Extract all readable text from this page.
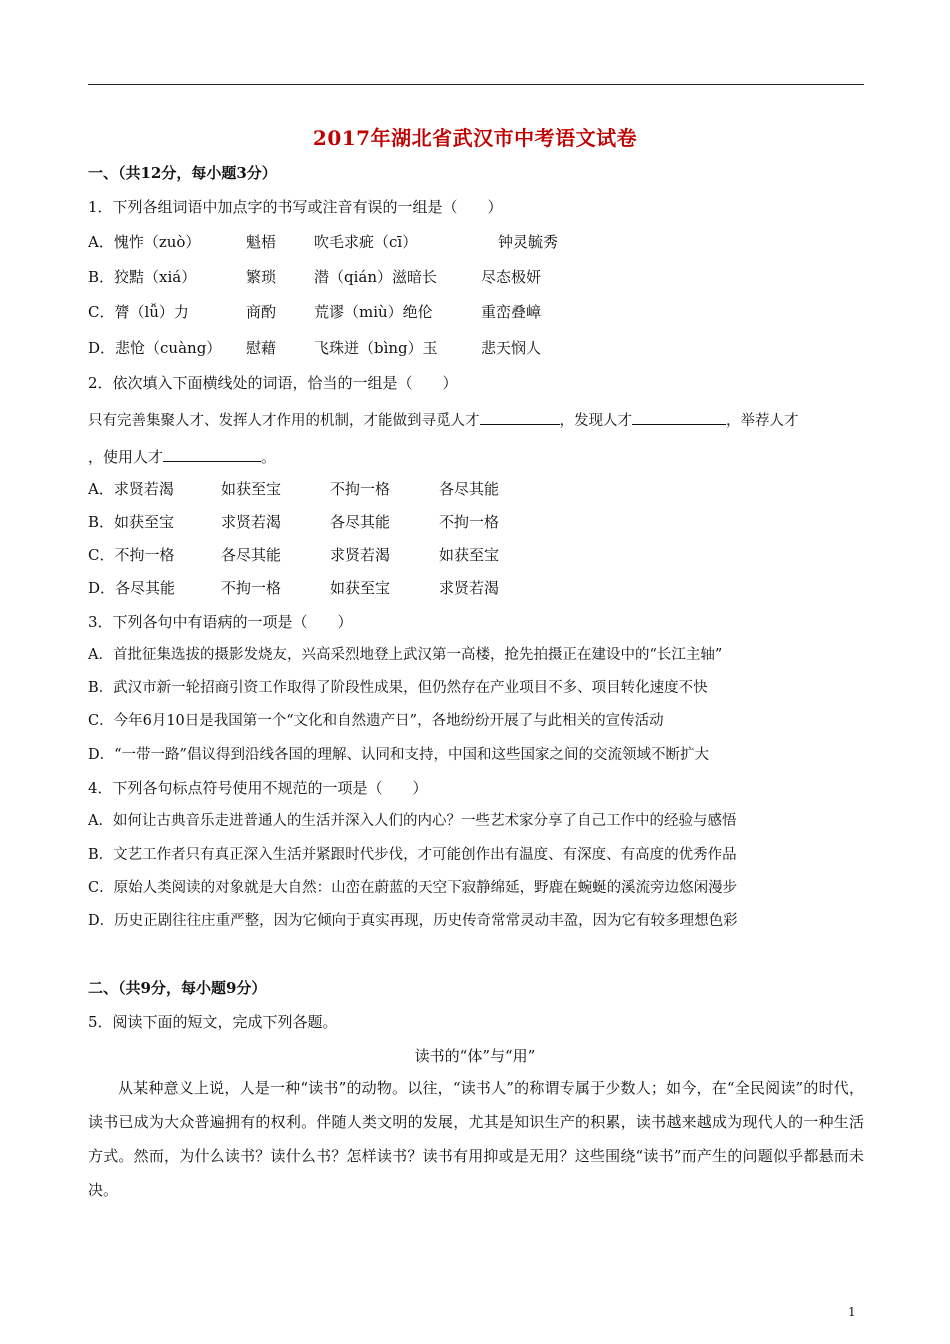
2017年湖北省武汉市中考语文试卷
一、（共12分，每小题3分）
1．下列各组词语中加点字的书写或注音有误的一组是（　　）
A．愧怍（zuò）	魁梧	吹毛求疵（cī）	钟灵毓秀
B．狡黠（xiá）	繁琐	潜（qián）滋暗长	尽态极妍
C．膂（lǚ）力	商酌	荒谬（miù）绝伦	重峦叠嶂
D．悲怆（cuàng） 慰藉	飞珠迸（bìng）玉	悲天悯人
2．依次填入下面横线处的词语，恰当的一组是（　　）
只有完善集聚人才、发挥人才作用的机制，才能做到寻觅人才	，发现人才	，举荐人才
，使用人才	。
A．求贤若渴	如获至宝	不拘一格	各尽其能
B．如获至宝	求贤若渴	各尽其能	不拘一格
C．不拘一格	各尽其能	求贤若渴	如获至宝
D．各尽其能	不拘一格	如获至宝	求贤若渴
3．下列各句中有语病的一项是（　　）
A．首批征集选拔的摄影发烧友，兴高采烈地登上武汉第一高楼，抢先拍摄正在建设中的“长江主轴”
B．武汉市新一轮招商引资工作取得了阶段性成果，但仍然存在产业项目不多、项目转化速度不快
C．今年6月10日是我国第一个“文化和自然遗产日”，各地纷纷开展了与此相关的宣传活动
D．“一带一路”倡议得到沿线各国的理解、认同和支持，中国和这些国家之间的交流领域不断扩大
4．下列各句标点符号使用不规范的一项是（　　）
A．如何让古典音乐走进普通人的生活并深入人们的内心？一些艺术家分享了自己工作中的经验与感悟
B．文艺工作者只有真正深入生活并紧跟时代步伐，才可能创作出有温度、有深度、有高度的优秀作品
C．原始人类阅读的对象就是大自然：山峦在蔚蓝的天空下寂静绵延，野鹿在蜿蜒的溪流旁边悠闲漫步
D．历史正剧往往庄重严整，因为它倾向于真实再现，历史传奇常常灵动丰盈，因为它有较多理想色彩
二、（共9分，每小题9分）
5．阅读下面的短文，完成下列各题。
读书的“体”与“用”
从某种意义上说，人是一种“读书”的动物。以往，“读书人”的称谓专属于少数人；如今，在“全民阅读”的时代，读书已成为大众普遍拥有的权利。伴随人类文明的发展，尤其是知识生产的积累，读书越来越成为现代人的一种生活方式。然而，为什么读书？读什么书？怎样读书？读书有用抑或是无用？这些围绕“读书”而产生的问题似乎都悬而未决。
1
